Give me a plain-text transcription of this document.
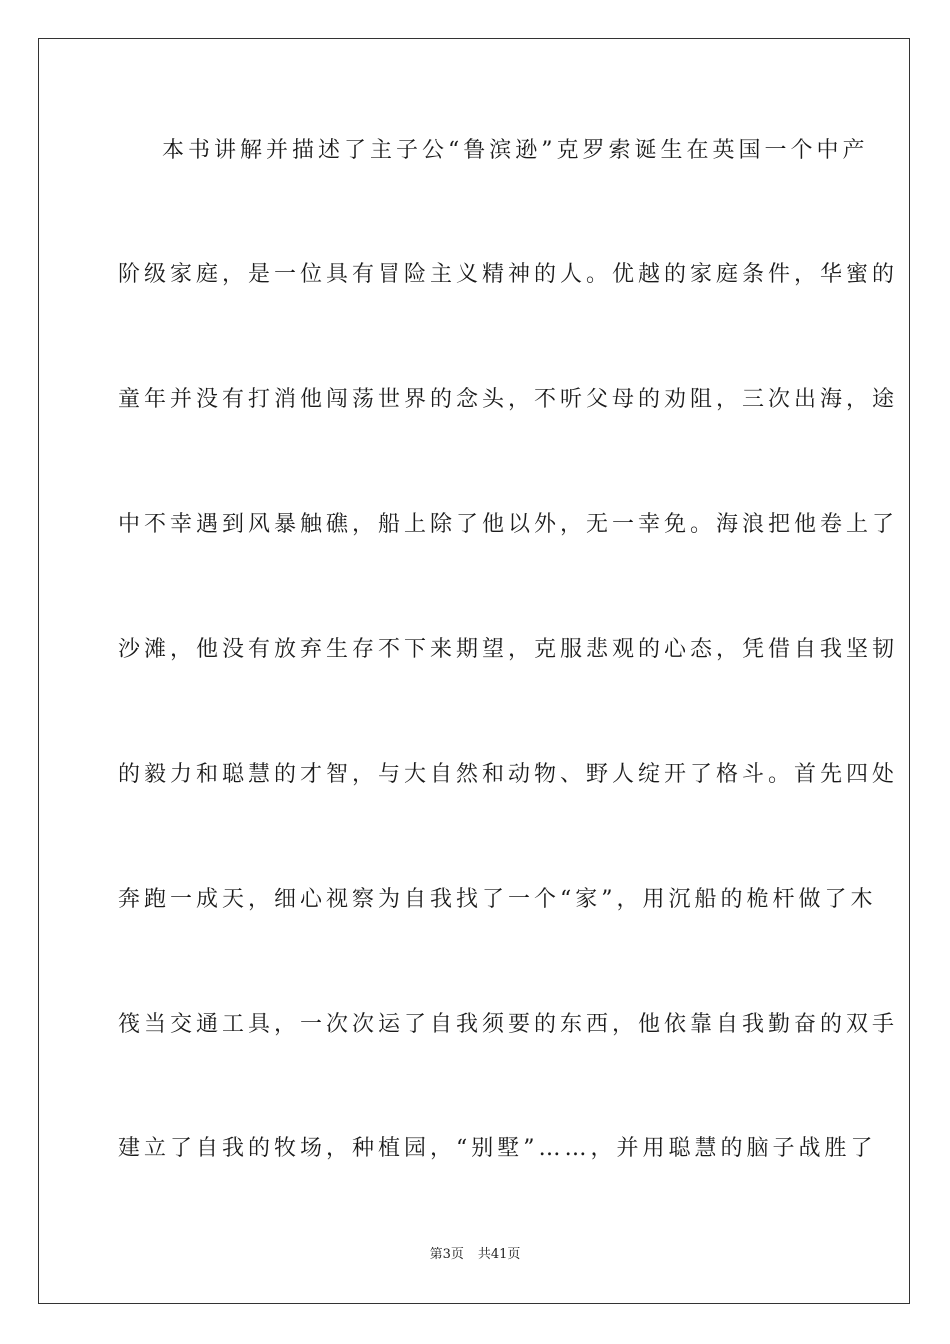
本书讲解并描述了主子公“鲁滨逊”克罗索诞生在英国一个中产
阶级家庭，是一位具有冒险主义精神的人。优越的家庭条件，华蜜的
童年并没有打消他闯荡世界的念头，不听父母的劝阻，三次出海，途
中不幸遇到风暴触礁，船上除了他以外，无一幸免。海浪把他卷上了
沙滩，他没有放弃生存不下来期望，克服悲观的心态，凭借自我坚韧
的毅力和聪慧的才智，与大自然和动物、野人绽开了格斗。首先四处
奔跑一成天，细心视察为自我找了一个“家”，用沉船的桅杆做了木
筏当交通工具，一次次运了自我须要的东西，他依靠自我勤奋的双手
建立了自我的牧场，种植园，“别墅”……，并用聪慧的脑子战胜了
第3页 共41页
